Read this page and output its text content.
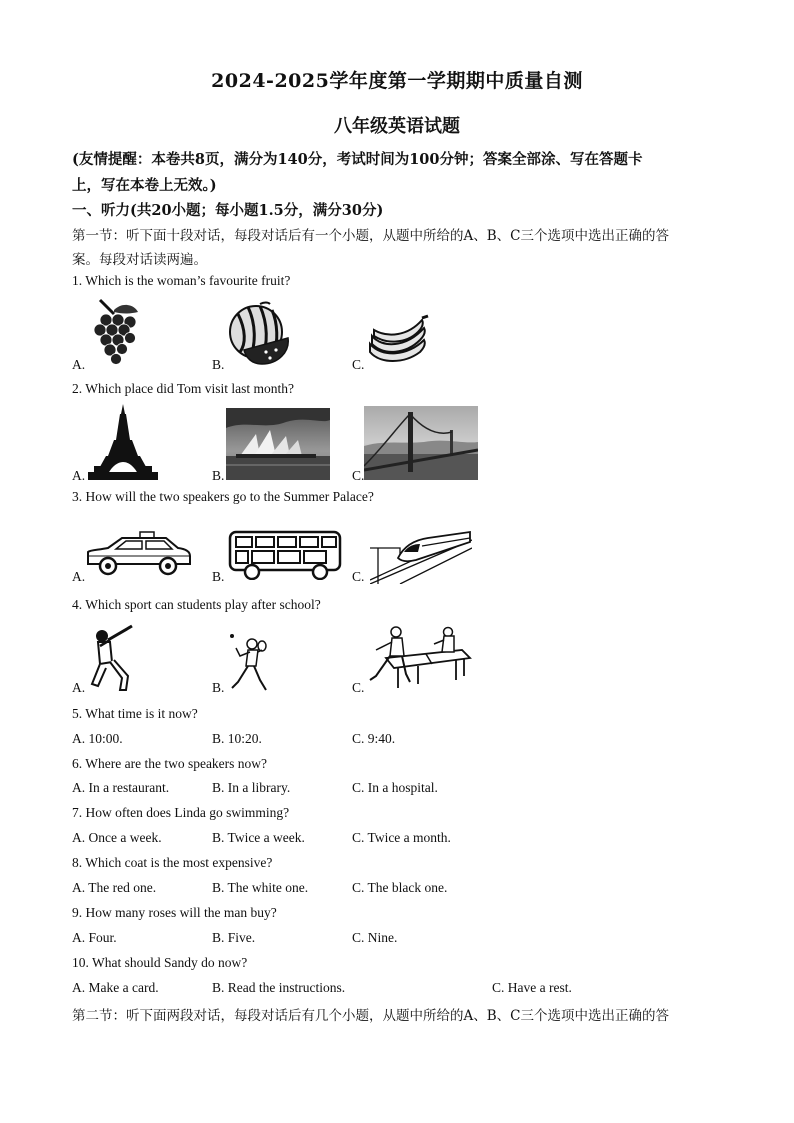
2024-2025学年度第一学期期中质量自测
八年级英语试题
(友情提醒：本卷共8页，满分为140分，考试时间为100分钟；答案全部涂、写在答题卡
上，写在本卷上无效。)
一、听力(共20小题；每小题1.5分，满分30分)
第一节：听下面十段对话，每段对话后有一个小题，从题中所给的A、B、C三个选项中选出正确的答
案。每段对话读两遍。
1. Which is the woman’s favourite fruit?
A.	B.	C.
2. Which place did Tom visit last month?
A.	B.	C.
3. How will the two speakers go to the Summer Palace?
A.	B.	C.
4. Which sport can students play after school?
A.	B.	C.
5. What time is it now?
A. 10:00.	B. 10:20.	C. 9:40.
6. Where are the two speakers now?
A. In a restaurant.	B. In a library.	C. In a hospital.
7. How often does Linda go swimming?
A. Once a week.	B. Twice a week.	C. Twice a month.
8. Which coat is the most expensive?
A. The red one.	B. The white one.	C. The black one.
9. How many roses will the man buy?
A. Four.	B. Five.	C. Nine.
10. What should Sandy do now?
A. Make a card.	B. Read the instructions.	C. Have a rest.
第二节：听下面两段对话，每段对话后有几个小题，从题中所给的A、B、C三个选项中选出正确的答
